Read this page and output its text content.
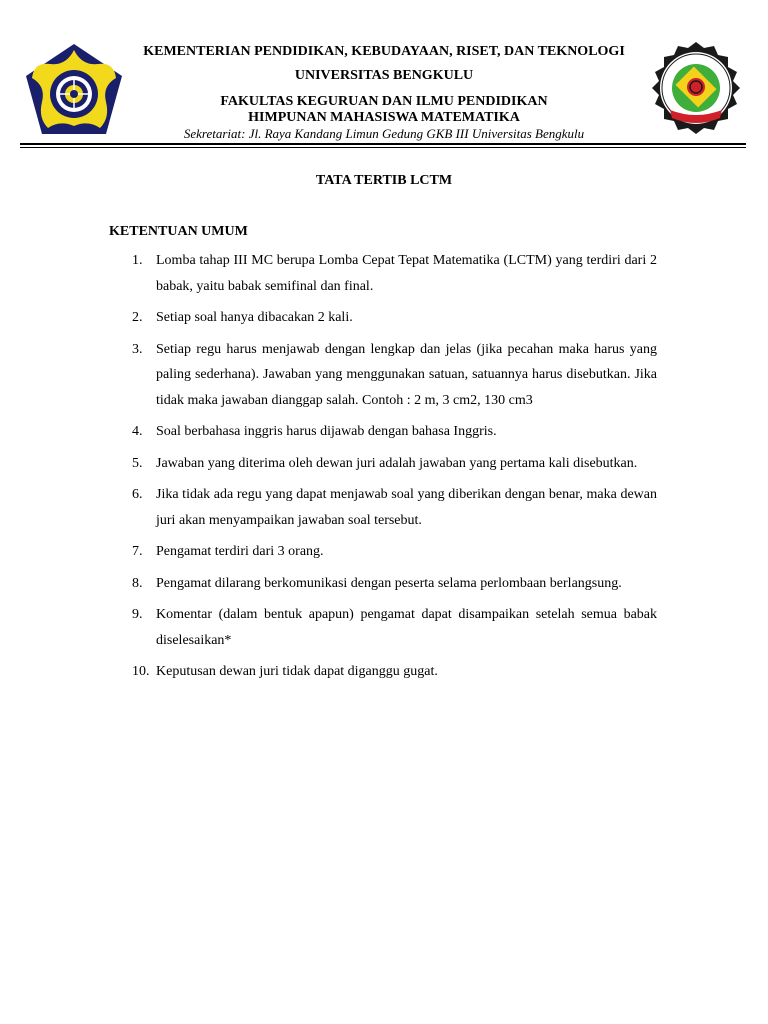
KEMENTERIAN PENDIDIKAN, KEBUDAYAAN, RISET, DAN TEKNOLOGI
UNIVERSITAS BENGKULU
FAKULTAS KEGURUAN DAN ILMU PENDIDIKAN
HIMPUNAN MAHASISWA MATEMATIKA
Sekretariat: Jl. Raya Kandang Limun Gedung GKB III Universitas Bengkulu
TATA TERTIB LCTM
KETENTUAN UMUM
1. Lomba tahap III MC berupa Lomba Cepat Tepat Matematika (LCTM) yang terdiri dari 2 babak, yaitu babak semifinal dan final.
2. Setiap soal hanya dibacakan 2 kali.
3. Setiap regu harus menjawab dengan lengkap dan jelas (jika pecahan maka harus yang paling sederhana). Jawaban yang menggunakan satuan, satuannya harus disebutkan. Jika tidak maka jawaban dianggap salah. Contoh : 2 m, 3 cm2, 130 cm3
4. Soal berbahasa inggris harus dijawab dengan bahasa Inggris.
5. Jawaban yang diterima oleh dewan juri adalah jawaban yang pertama kali disebutkan.
6. Jika tidak ada regu yang dapat menjawab soal yang diberikan dengan benar, maka dewan juri akan menyampaikan jawaban soal tersebut.
7. Pengamat terdiri dari 3 orang.
8. Pengamat dilarang berkomunikasi dengan peserta selama perlombaan berlangsung.
9. Komentar (dalam bentuk apapun) pengamat dapat disampaikan setelah semua babak diselesaikan*
10. Keputusan dewan juri tidak dapat diganggu gugat.
